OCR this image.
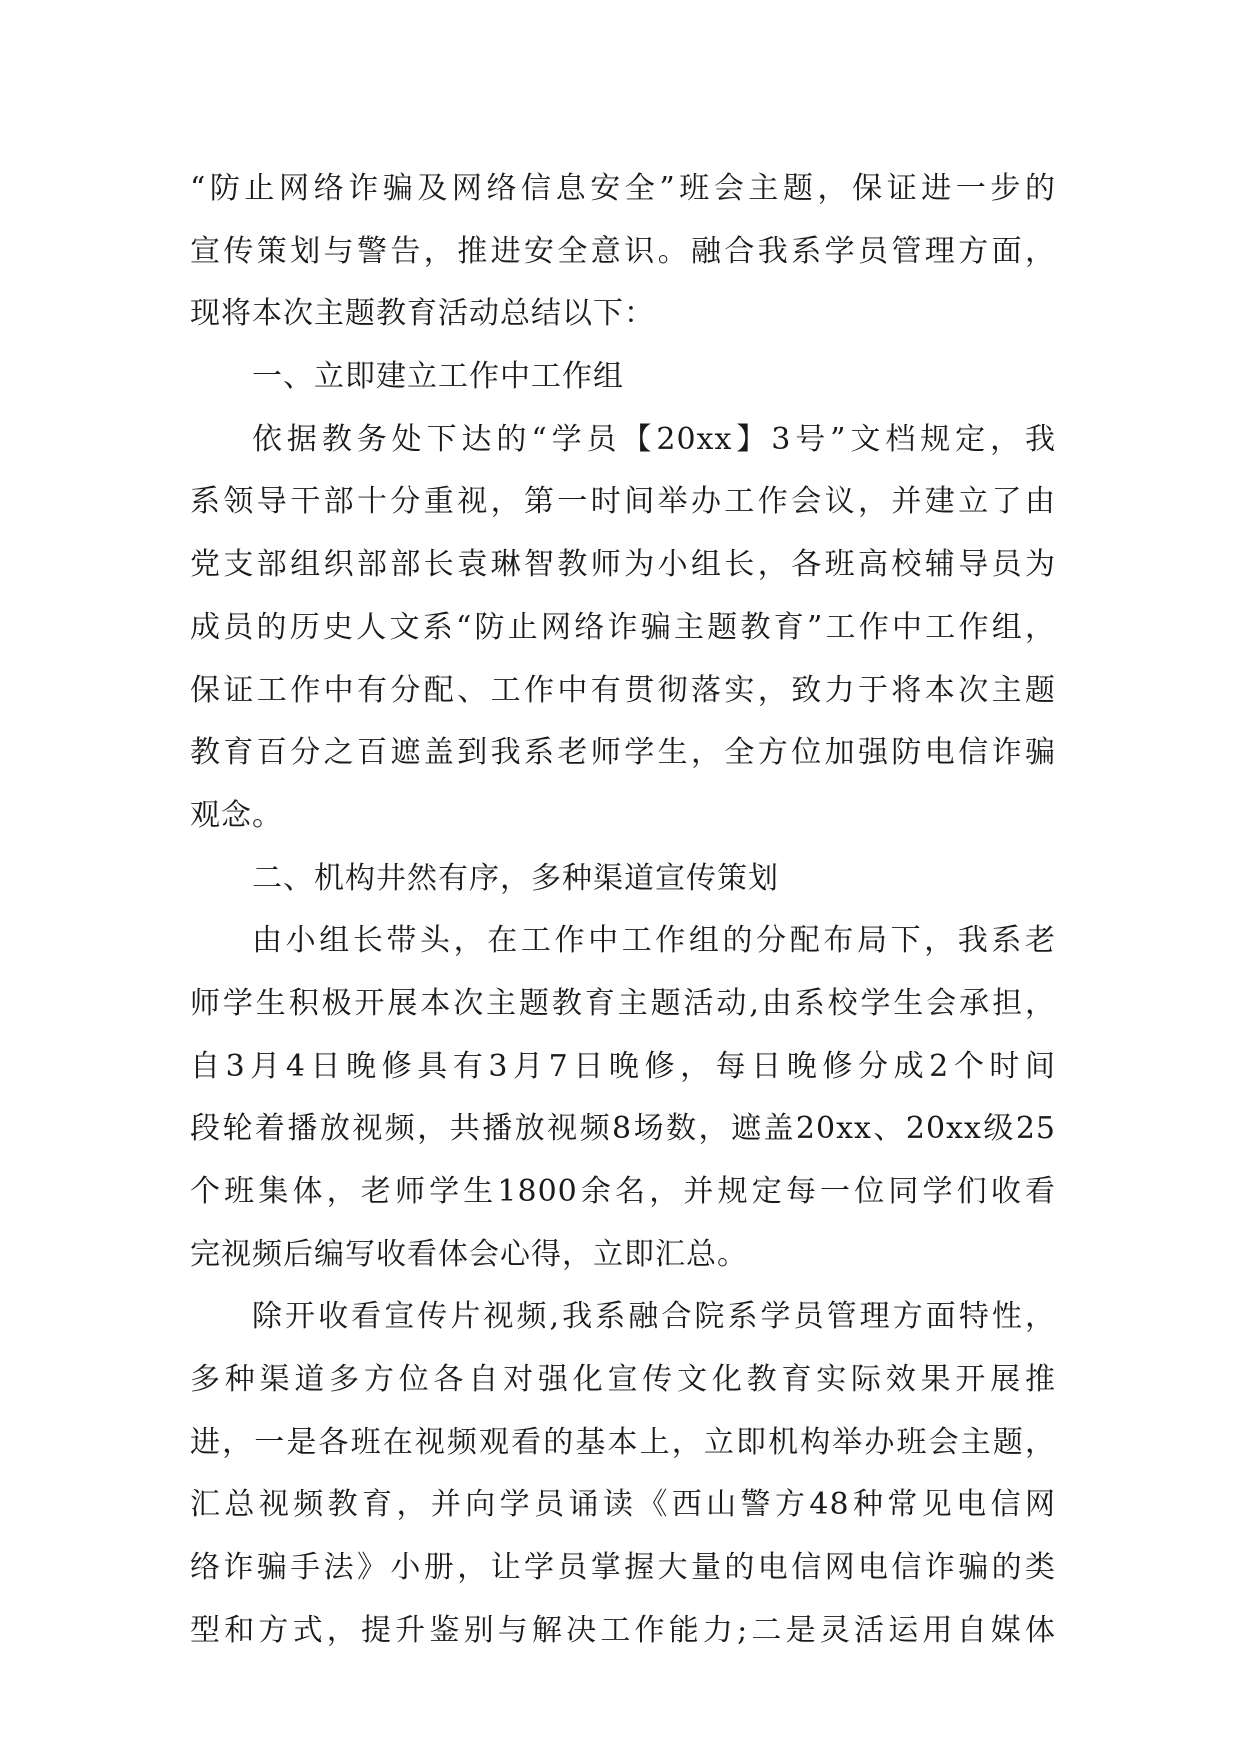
“防止网络诈骗及网络信息安全”班会主题，保证进一步的
宣传策划与警告，推进安全意识。融合我系学员管理方面，
现将本次主题教育活动总结以下：
一、立即建立工作中工作组
依据教务处下达的“学员【20xx】3号”文档规定，我
系领导干部十分重视，第一时间举办工作会议，并建立了由
党支部组织部部长袁琳智教师为小组长，各班高校辅导员为
成员的历史人文系“防止网络诈骗主题教育”工作中工作组，
保证工作中有分配、工作中有贯彻落实，致力于将本次主题
教育百分之百遮盖到我系老师学生，全方位加强防电信诈骗
观念。
二、机构井然有序，多种渠道宣传策划
由小组长带头，在工作中工作组的分配布局下，我系老
师学生积极开展本次主题教育主题活动,由系校学生会承担，
自3月4日晚修具有3月7日晚修，每日晚修分成2个时间
段轮着播放视频，共播放视频8场数，遮盖20xx、20xx级25
个班集体，老师学生1800余名，并规定每一位同学们收看
完视频后编写收看体会心得，立即汇总。
除开收看宣传片视频,我系融合院系学员管理方面特性，
多种渠道多方位各自对强化宣传文化教育实际效果开展推
进，一是各班在视频观看的基本上，立即机构举办班会主题，
汇总视频教育，并向学员诵读《西山警方48种常见电信网
络诈骗手法》小册，让学员掌握大量的电信网电信诈骗的类
型和方式，提升鉴别与解决工作能力;二是灵活运用自媒体
